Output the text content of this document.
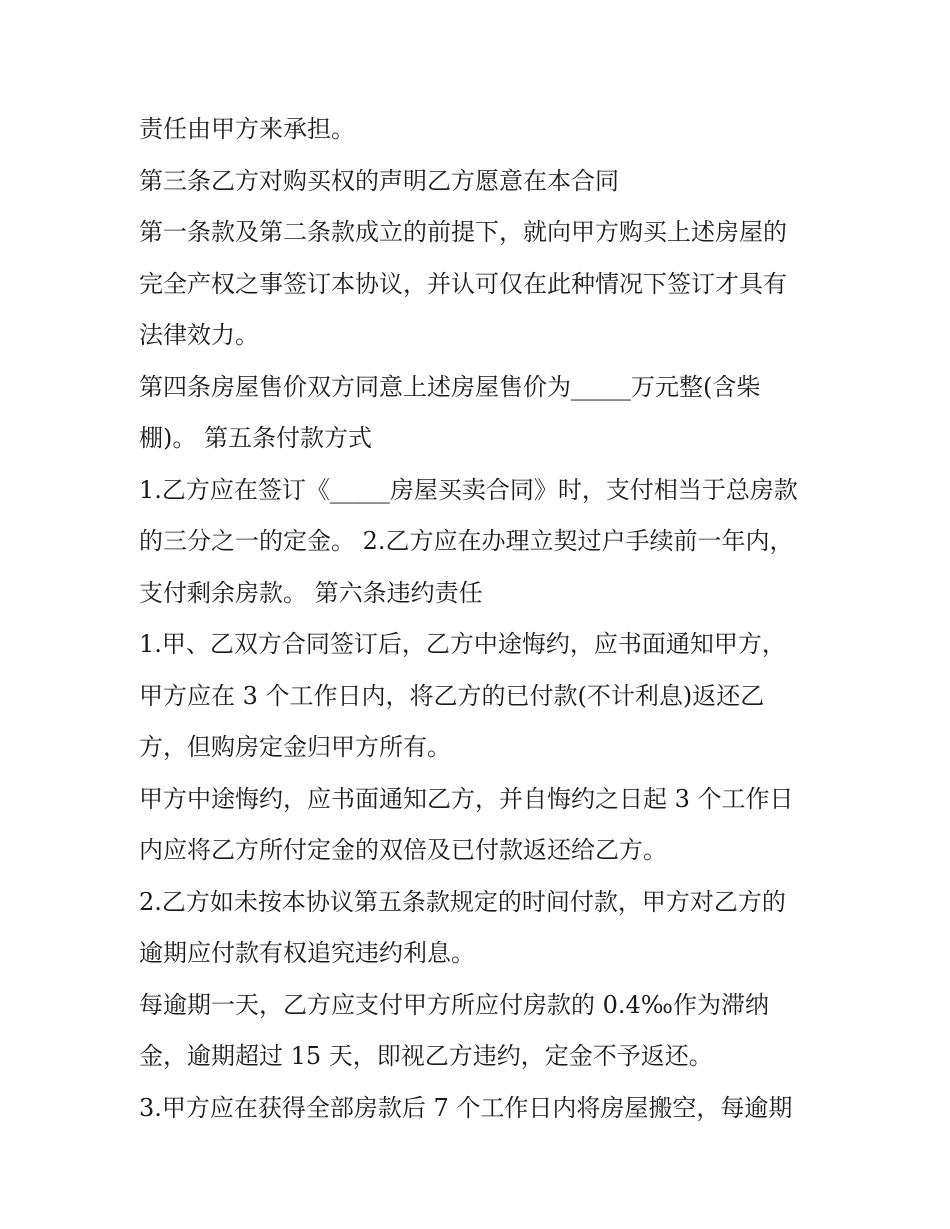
责任由甲方来承担。
第三条乙方对购买权的声明乙方愿意在本合同
第一条款及第二条款成立的前提下，就向甲方购买上述房屋的
完全产权之事签订本协议，并认可仅在此种情况下签订才具有
法律效力。
第四条房屋售价双方同意上述房屋售价为_____万元整(含柴
棚)。 第五条付款方式
1.乙方应在签订《_____房屋买卖合同》时，支付相当于总房款
的三分之一的定金。 2.乙方应在办理立契过户手续前一年内，
支付剩余房款。 第六条违约责任
1.甲、乙双方合同签订后，乙方中途悔约，应书面通知甲方，
甲方应在 3 个工作日内，将乙方的已付款(不计利息)返还乙
方，但购房定金归甲方所有。
甲方中途悔约，应书面通知乙方，并自悔约之日起 3 个工作日
内应将乙方所付定金的双倍及已付款返还给乙方。
2.乙方如未按本协议第五条款规定的时间付款，甲方对乙方的
逾期应付款有权追究违约利息。
每逾期一天，乙方应支付甲方所应付房款的 0.4‰作为滞纳
金，逾期超过 15 天，即视乙方违约，定金不予返还。
3.甲方应在获得全部房款后 7 个工作日内将房屋搬空，每逾期
